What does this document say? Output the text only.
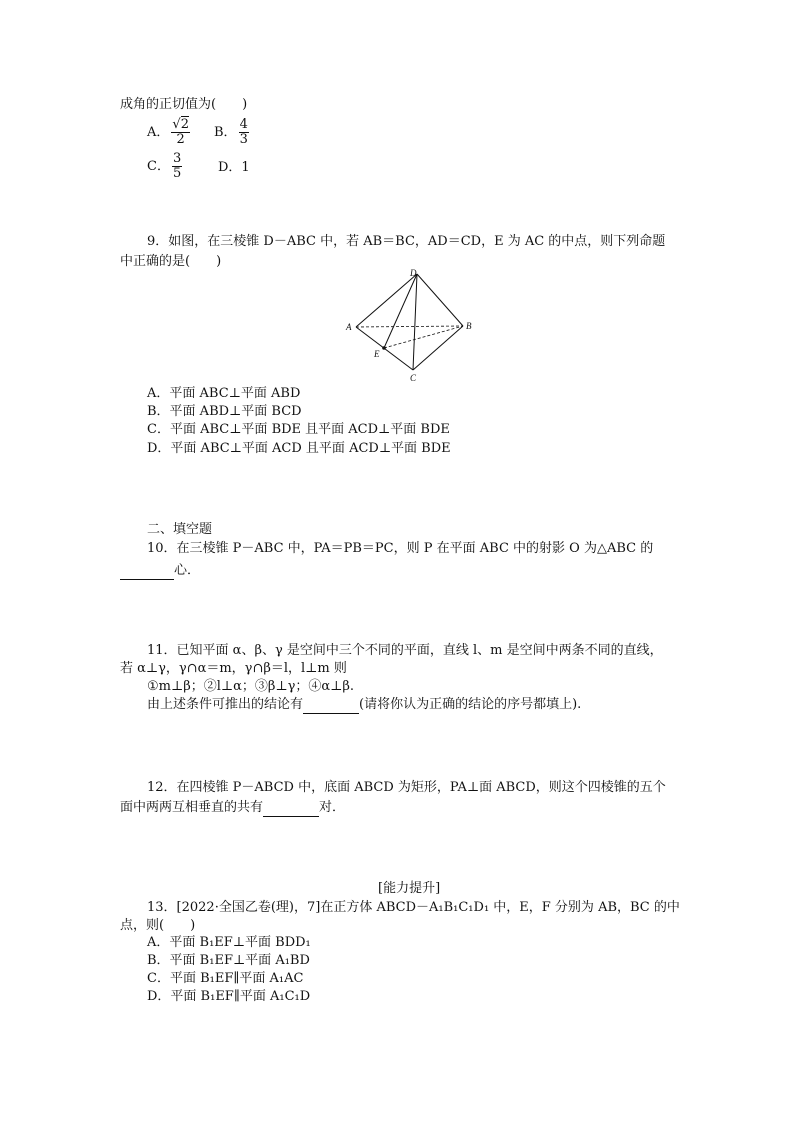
成角的正切值为(　　)
A． $\frac{√2}{2}$ B． $\frac{4}{3}$
C． $\frac{3}{5}$	D．1
9．如图，在三棱锥 D－ABC 中，若 AB＝BC，AD＝CD，E 为 AC 的中点，则下列命题
中正确的是(　　)
D
A	B
E
C
A．平面 ABC⊥平面 ABD
B．平面 ABD⊥平面 BCD
C．平面 ABC⊥平面 BDE 且平面 ACD⊥平面 BDE
D．平面 ABC⊥平面 ACD 且平面 ACD⊥平面 BDE
二、填空题
10．在三棱锥 P－ABC 中，PA＝PB＝PC，则 P 在平面 ABC 中的射影 O 为△ABC 的
心．
11．已知平面 α、β、γ 是空间中三个不同的平面，直线 l、m 是空间中两条不同的直线，
若 α⊥γ，γ∩α＝m，γ∩β＝l，l⊥m 则
①m⊥β；②l⊥α；③β⊥γ；④α⊥β.
由上述条件可推出的结论有	(请将你认为正确的结论的序号都填上).
12．在四棱锥 P－ABCD 中，底面 ABCD 为矩形，PA⊥面 ABCD，则这个四棱锥的五个
面中两两互相垂直的共有	对．
[能力提升]
13．[2022·全国乙卷(理)，7]在正方体 ABCD－A₁B₁C₁D₁ 中，E，F 分别为 AB，BC 的中
点，则(　　)
A．平面 B₁EF⊥平面 BDD₁
B．平面 B₁EF⊥平面 A₁BD
C．平面 B₁EF∥平面 A₁AC
D．平面 B₁EF∥平面 A₁C₁D
